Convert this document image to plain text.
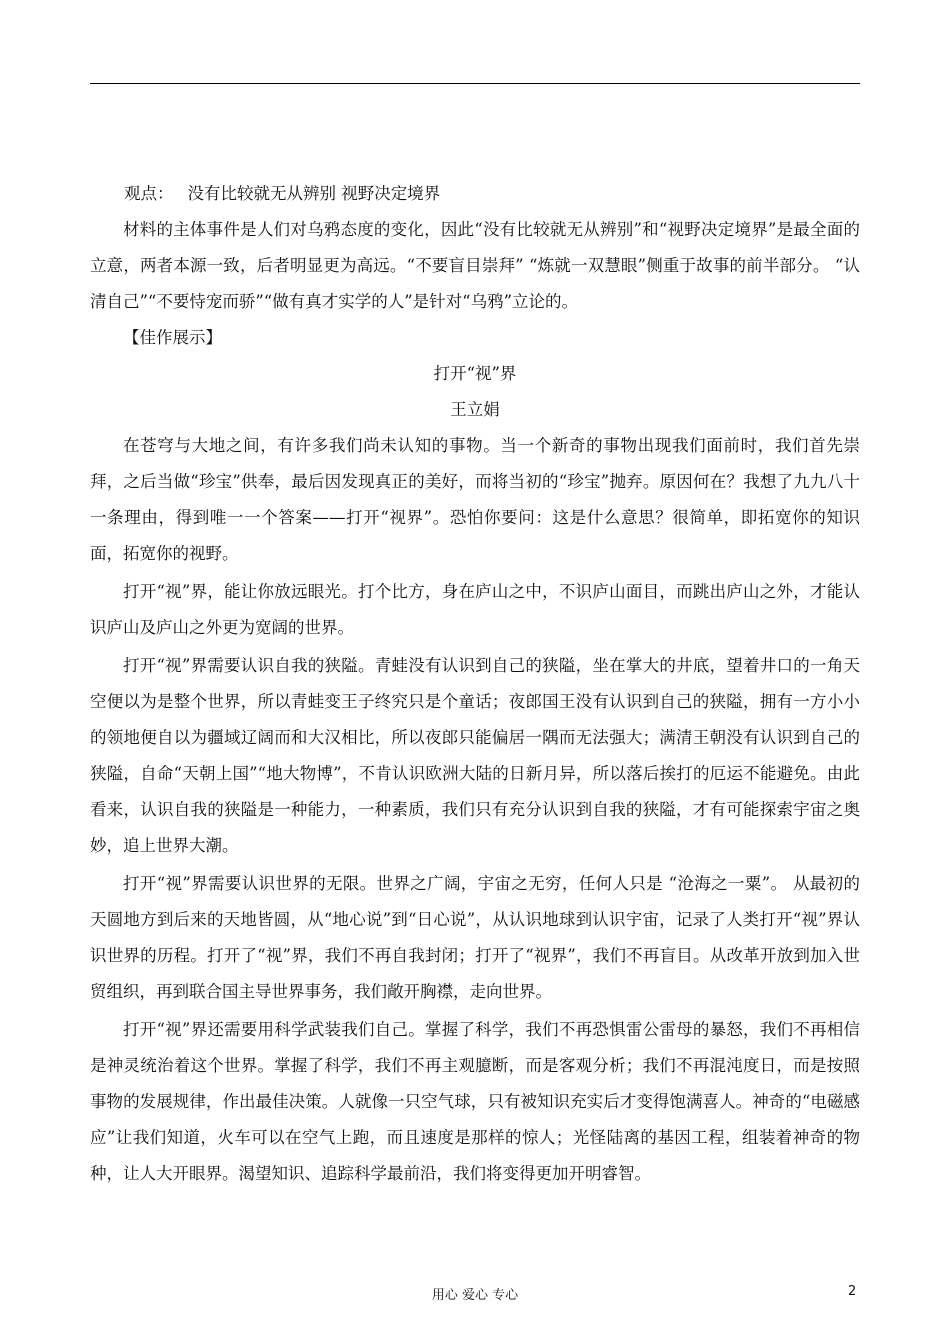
观点： 没有比较就无从辨别 视野决定境界

材料的主体事件是人们对乌鸦态度的变化，因此“没有比较就无从辨别”和“视野决定境界”是最全面的立意，两者本源一致，后者明显更为高远。“不要盲目崇拜” “炼就一双慧眼”侧重于故事的前半部分。 “认清自己”“不要恃宠而骄”“做有真才实学的人”是针对“乌鸦”立论的。

【佳作展示】

打开“视”界

王立娟

在苍穹与大地之间，有许多我们尚未认知的事物。当一个新奇的事物出现我们面前时，我们首先崇拜，之后当做“珍宝”供奉，最后因发现真正的美好，而将当初的“珍宝”抛弃。原因何在？我想了九九八十一条理由，得到唯一一个答案——打开“视界”。恐怕你要问：这是什么意思？很简单，即拓宽你的知识面，拓宽你的视野。

打开“视”界，能让你放远眼光。打个比方，身在庐山之中，不识庐山面目，而跳出庐山之外，才能认识庐山及庐山之外更为宽阔的世界。

打开“视”界需要认识自我的狭隘。青蛙没有认识到自己的狭隘，坐在掌大的井底，望着井口的一角天空便以为是整个世界，所以青蛙变王子终究只是个童话；夜郎国王没有认识到自己的狭隘，拥有一方小小的领地便自以为疆域辽阔而和大汉相比，所以夜郎只能偏居一隅而无法强大；满清王朝没有认识到自己的狭隘，自命“天朝上国”“地大物博”，不肯认识欧洲大陆的日新月异，所以落后挨打的厄运不能避免。由此看来，认识自我的狭隘是一种能力，一种素质，我们只有充分认识到自我的狭隘，才有可能探索宇宙之奥妙，追上世界大潮。

打开“视”界需要认识世界的无限。世界之广阔，宇宙之无穷，任何人只是 “沧海之一粟”。 从最初的天圆地方到后来的天地皆圆，从“地心说”到“日心说”，从认识地球到认识宇宙，记录了人类打开“视”界认识世界的历程。打开了“视”界，我们不再自我封闭；打开了“视界”，我们不再盲目。从改革开放到加入世贸组织，再到联合国主导世界事务，我们敞开胸襟，走向世界。

打开“视”界还需要用科学武装我们自己。掌握了科学，我们不再恐惧雷公雷母的暴怒，我们不再相信是神灵统治着这个世界。掌握了科学，我们不再主观臆断，而是客观分析；我们不再混沌度日，而是按照事物的发展规律，作出最佳决策。人就像一只空气球，只有被知识充实后才变得饱满喜人。神奇的“电磁感应”让我们知道，火车可以在空气上跑，而且速度是那样的惊人；光怪陆离的基因工程，组装着神奇的物种，让人大开眼界。渴望知识、追踪科学最前沿，我们将变得更加开明睿智。

用心 爱心 专心	2
